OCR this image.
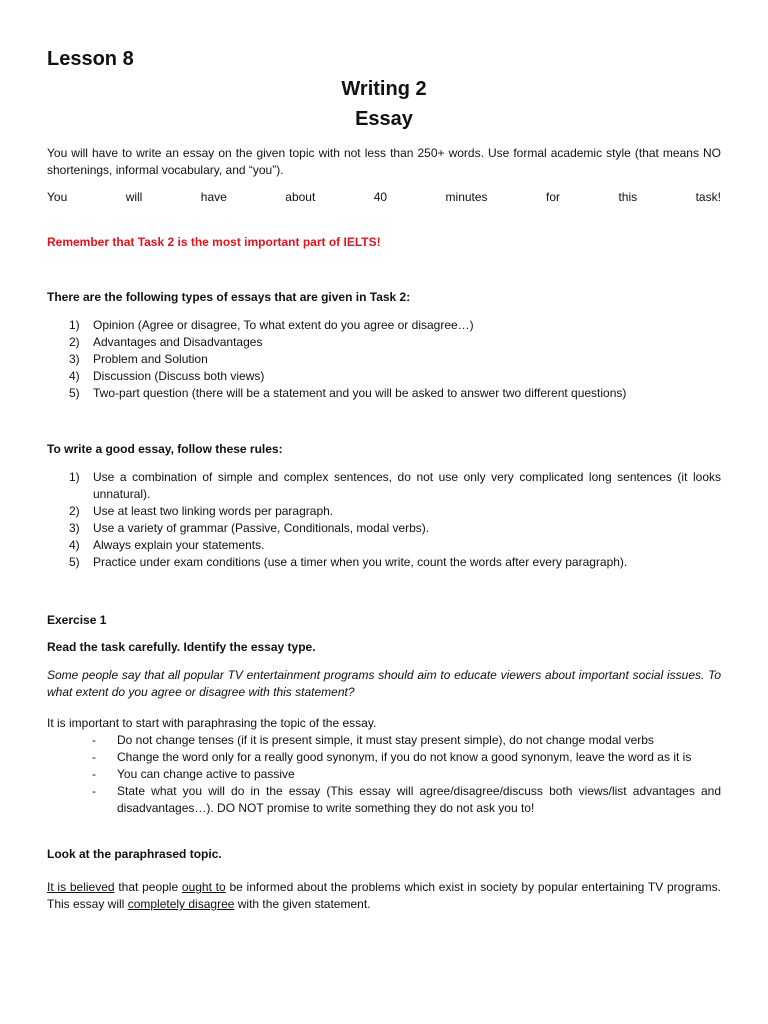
Lesson 8
Writing 2
Essay
You will have to write an essay on the given topic with not less than 250+ words. Use formal academic style (that means NO shortenings, informal vocabulary, and “you”).
You	will	have	about	40	minutes	for	this	task!
Remember that Task 2 is the most important part of IELTS!
There are the following types of essays that are given in Task 2:
1) Opinion (Agree or disagree, To what extent do you agree or disagree…)
2) Advantages and Disadvantages
3) Problem and Solution
4) Discussion (Discuss both views)
5) Two-part question (there will be a statement and you will be asked to answer two different questions)
To write a good essay, follow these rules:
1) Use a combination of simple and complex sentences, do not use only very complicated long sentences (it looks unnatural).
2) Use at least two linking words per paragraph.
3) Use a variety of grammar (Passive, Conditionals, modal verbs).
4) Always explain your statements.
5) Practice under exam conditions (use a timer when you write, count the words after every paragraph).
Exercise 1
Read the task carefully. Identify the essay type.
Some people say that all popular TV entertainment programs should aim to educate viewers about important social issues. To what extent do you agree or disagree with this statement?
It is important to start with paraphrasing the topic of the essay.
- Do not change tenses (if it is present simple, it must stay present simple), do not change modal verbs
- Change the word only for a really good synonym, if you do not know a good synonym, leave the word as it is
- You can change active to passive
- State what you will do in the essay (This essay will agree/disagree/discuss both views/list advantages and disadvantages…). DO NOT promise to write something they do not ask you to!
Look at the paraphrased topic.
It is believed that people ought to be informed about the problems which exist in society by popular entertaining TV programs. This essay will completely disagree with the given statement.
